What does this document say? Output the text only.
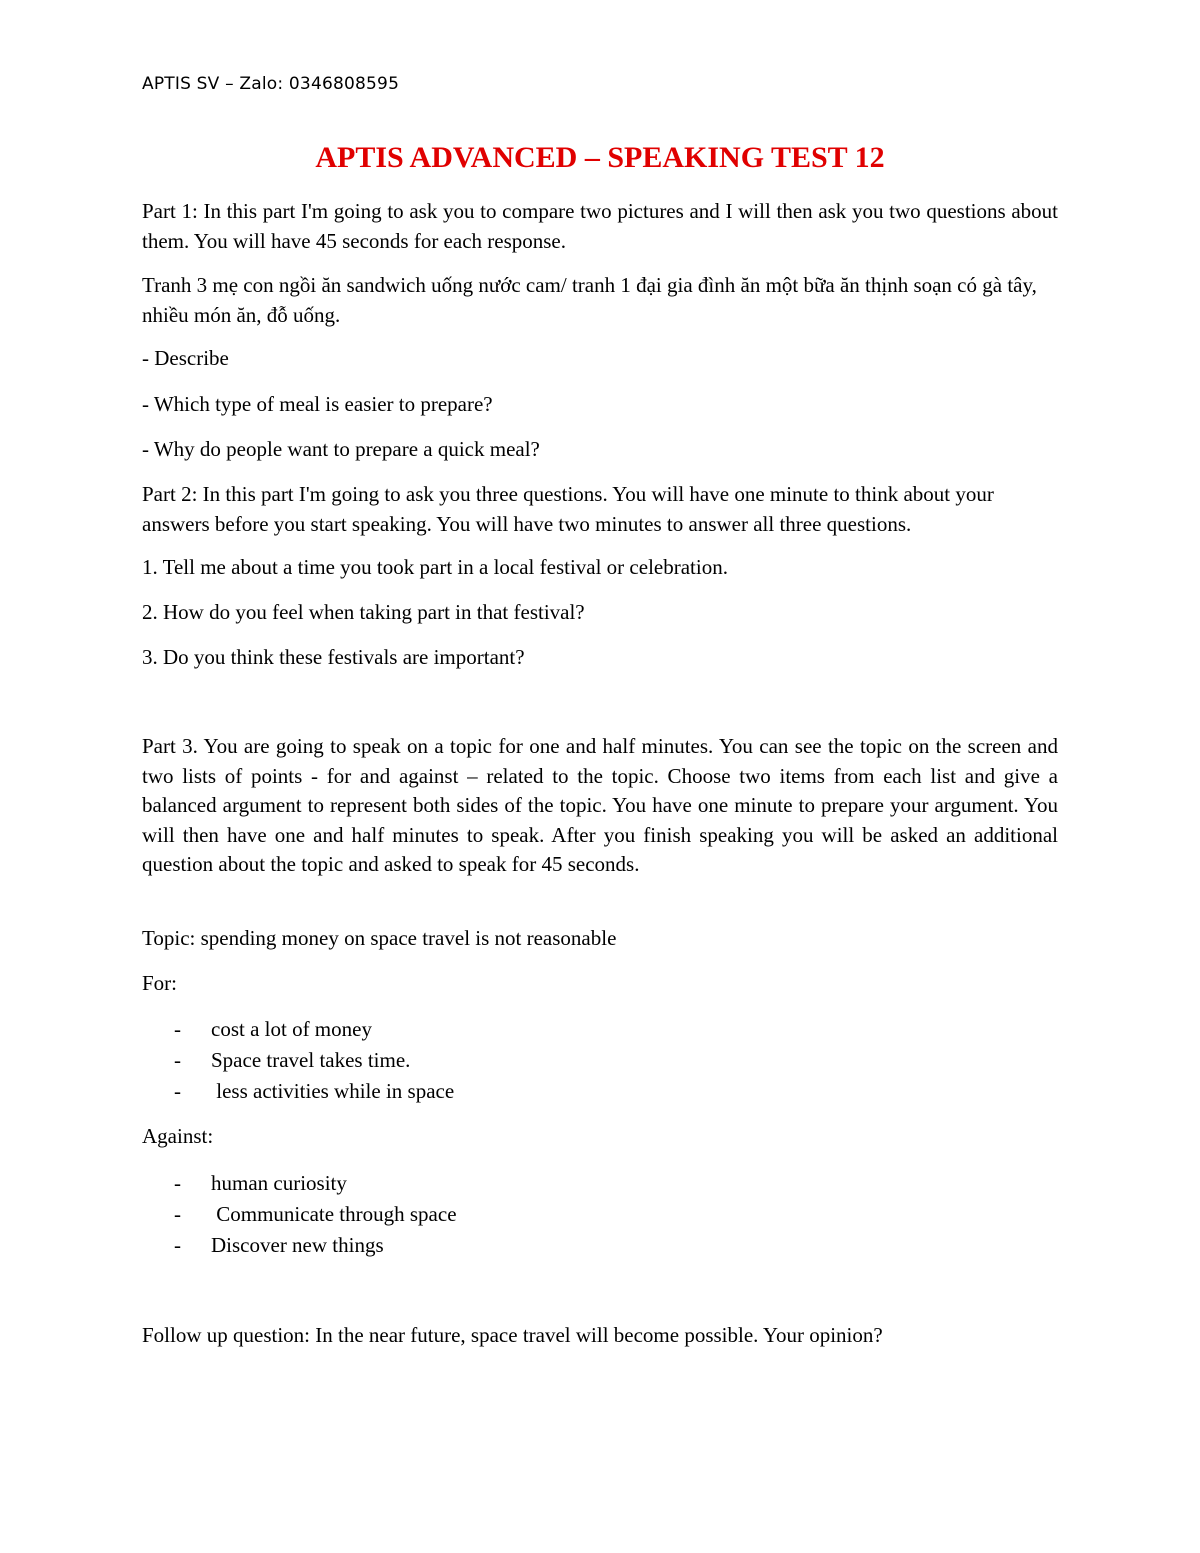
APTIS SV – Zalo: 0346808595
APTIS ADVANCED – SPEAKING TEST 12

Part 1: In this part I'm going to ask you to compare two pictures and I will then ask you two questions about them. You will have 45 seconds for each response.

Tranh 3 mẹ con ngồi ăn sandwich uống nước cam/ tranh 1 đại gia đình ăn một bữa ăn thịnh soạn có gà tây, nhiều món ăn, đỗ uống.

- Describe

- Which type of meal is easier to prepare?

- Why do people want to prepare a quick meal?

Part 2: In this part I'm going to ask you three questions. You will have one minute to think about your answers before you start speaking. You will have two minutes to answer all three questions.

1. Tell me about a time you took part in a local festival or celebration.

2. How do you feel when taking part in that festival?

3. Do you think these festivals are important?

Part 3. You are going to speak on a topic for one and half minutes. You can see the topic on the screen and two lists of points - for and against – related to the topic. Choose two items from each list and give a balanced argument to represent both sides of the topic. You have one minute to prepare your argument. You will then have one and half minutes to speak. After you finish speaking you will be asked an additional question about the topic and asked to speak for 45 seconds.

Topic: spending money on space travel is not reasonable

For:

- cost a lot of money
- Space travel takes time.
- less activities while in space

Against:

- human curiosity
- Communicate through space
- Discover new things

Follow up question: In the near future, space travel will become possible. Your opinion?
